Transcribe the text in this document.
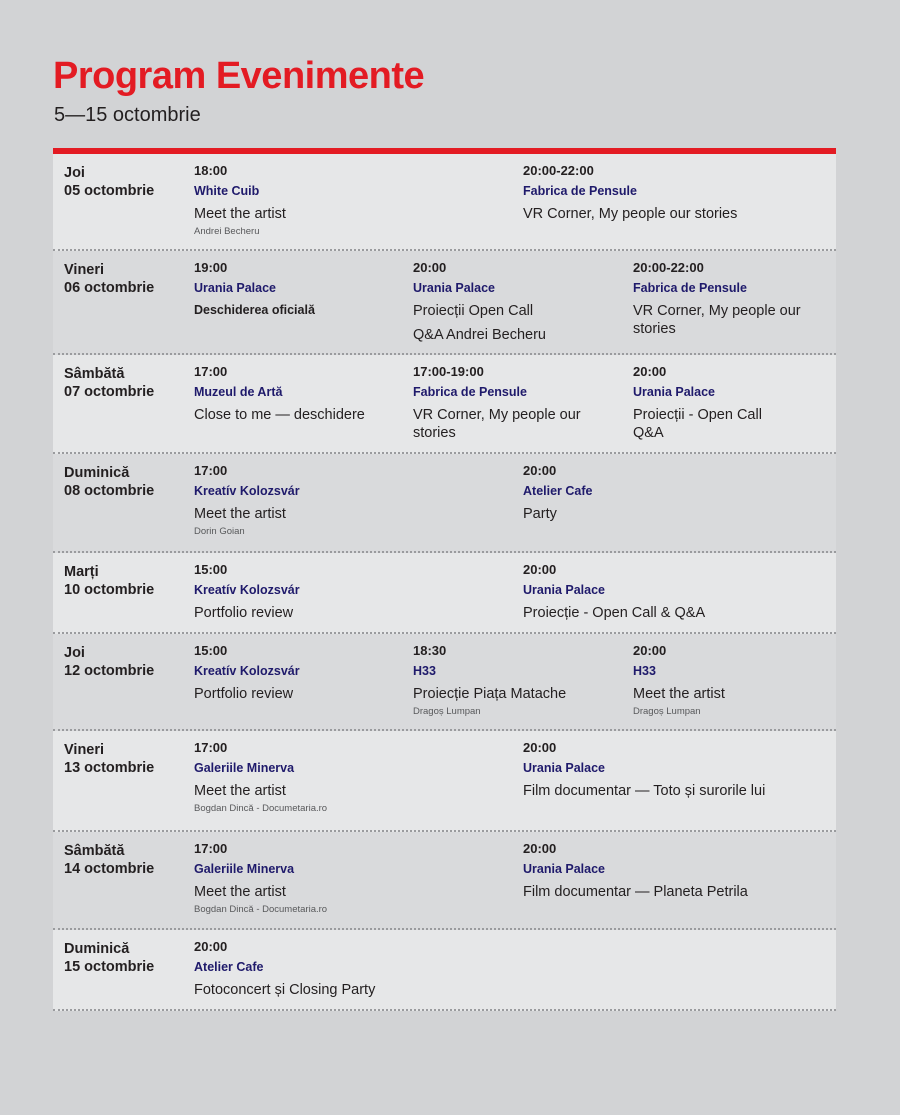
Program Evenimente
5—15 octombrie
Joi
05 octombrie
18:00
White Cuib
Meet the artist
Andrei Becheru
20:00-22:00
Fabrica de Pensule
VR Corner, My people our stories
Vineri
06 octombrie
19:00
Urania Palace
Deschiderea oficială
20:00
Urania Palace
Proiecții Open Call
Q&A Andrei Becheru
20:00-22:00
Fabrica de Pensule
VR Corner, My people our stories
Sâmbătă
07 octombrie
17:00
Muzeul de Artă
Close to me — deschidere
17:00-19:00
Fabrica de Pensule
VR Corner, My people our stories
20:00
Urania Palace
Proiecții - Open Call Q&A
Duminică
08 octombrie
17:00
Kreatív Kolozsvár
Meet the artist
Dorin Goian
20:00
Atelier Cafe
Party
Marți
10 octombrie
15:00
Kreatív Kolozsvár
Portfolio review
20:00
Urania Palace
Proiecție - Open Call & Q&A
Joi
12 octombrie
15:00
Kreatív Kolozsvár
Portfolio review
18:30
H33
Proiecție Piața Matache
Dragoș Lumpan
20:00
H33
Meet the artist
Dragoș Lumpan
Vineri
13 octombrie
17:00
Galeriile Minerva
Meet the artist
Bogdan Dincă - Documetaria.ro
20:00
Urania Palace
Film documentar — Toto și surorile lui
Sâmbătă
14 octombrie
17:00
Galeriile Minerva
Meet the artist
Bogdan Dincă - Documetaria.ro
20:00
Urania Palace
Film documentar — Planeta Petrila
Duminică
15 octombrie
20:00
Atelier Cafe
Fotoconcert și Closing Party
